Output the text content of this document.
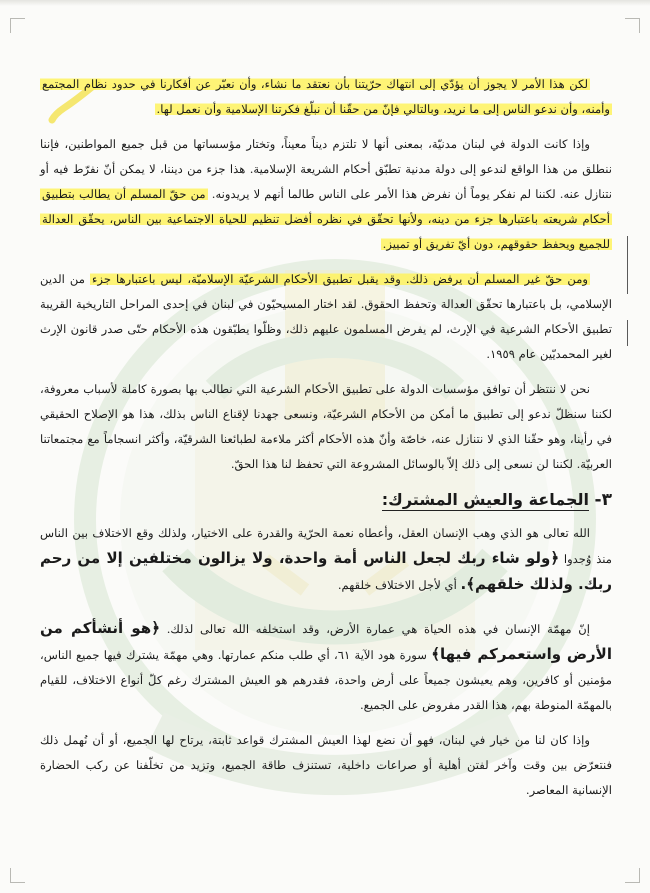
لكن هذا الأمر لا يجوز أن يؤدّي إلى انتهاك حرّيتنا بأن نعتقد ما نشاء، وأن نعبّر عن أفكارنا في حدود نظام المجتمع وأمنه، وأن ندعو الناس إلى ما نريد، وبالتالي فإنّ من حقّنا أن نبلّغ فكرتنا الإسلامية وأن نعمل لها.

وإذا كانت الدولة في لبنان مدنيّة، بمعنى أنها لا تلتزم ديناً معيناً، وتختار مؤسساتها من قبل جميع المواطنين، فإننا ننطلق من هذا الواقع لندعو إلى دولة مدنية تطبّق أحكام الشريعة الإسلامية. هذا جزء من ديننا، لا يمكن أنّ نفرّط فيه أو نتنازل عنه. لكننا لم نفكر يوماً أن نفرض هذا الأمر على الناس طالما أنهم لا يريدونه. من حقّ المسلم أن يطالب بتطبيق أحكام شريعته باعتبارها جزء من دينه، ولأنها تحقّق في نظره أفضل تنظيم للحياة الاجتماعية بين الناس، يحقّق العدالة للجميع ويحفظ حقوقهم، دون أيّ تفريق أو تمييز.

ومن حقّ غير المسلم أن يرفض ذلك. وقد يقبل تطبيق الأحكام الشرعيّة الإسلاميّة، ليس باعتبارها جزء من الدين الإسلامي، بل باعتبارها تحقّق العدالة وتحفظ الحقوق. لقد اختار المسيحيّون في لبنان في إحدى المراحل التاريخية القريبة تطبيق الأحكام الشرعية في الإرث، لم يفرض المسلمون عليهم ذلك، وظلّوا يطبّقون هذه الأحكام حتّى صدر قانون الإرث لغير المحمديّين عام ١٩٥٩.

نحن لا ننتظر أن توافق مؤسسات الدولة على تطبيق الأحكام الشرعية التي نطالب بها بصورة كاملة لأسباب معروفة، لكننا سنظلّ ندعو إلى تطبيق ما أمكن من الأحكام الشرعيّة، ونسعى جهدنا لإقناع الناس بذلك، هذا هو الإصلاح الحقيقي في رأينا، وهو حقّنا الذي لا نتنازل عنه، خاصّة وأنّ هذه الأحكام أكثر ملاءمة لطبائعنا الشرقيّة، وأكثر انسجاماً مع مجتمعاتنا العربيّة. لكننا لن نسعى إلى ذلك إلاّ بالوسائل المشروعة التي تحفظ لنا هذا الحقّ.

٣- الجماعة والعيش المشترك:

الله تعالى هو الذي وهب الإنسان العقل، وأعطاه نعمة الحرّية والقدرة على الاختيار، ولذلك وقع الاختلاف بين الناس منذ وُجدوا ﴿ولو شاء ربك لجعل الناس أمة واحدة، ولا يزالون مختلفين إلا من رحم ربك. ولذلك خلقهم﴾. أي لأجل الاختلاف خلقهم.

إنّ مهمّة الإنسان في هذه الحياة هي عمارة الأرض، وقد استخلفه الله تعالى لذلك. ﴿هو أنشأكم من الأرض واستعمركم فيها﴾ سورة هود الآية ٦١، أي طلب منكم عمارتها. وهي مهمّة يشترك فيها جميع الناس، مؤمنين أو كافرين، وهم يعيشون جميعاً على أرض واحدة، فقدرهم هو العيش المشترك رغم كلّ أنواع الاختلاف، للقيام بالمهمّة المنوطة بهم، هذا القدر مفروض على الجميع.

وإذا كان لنا من خيار في لبنان، فهو أن نضع لهذا العيش المشترك قواعد ثابتة، يرتاح لها الجميع، أو أن نُهمل ذلك فنتعرّض بين وقت وآخر لفتن أهلية أو صراعات داخلية، تستنزف طاقة الجميع، وتزيد من تخلّفنا عن ركب الحضارة الإنسانية المعاصر.
